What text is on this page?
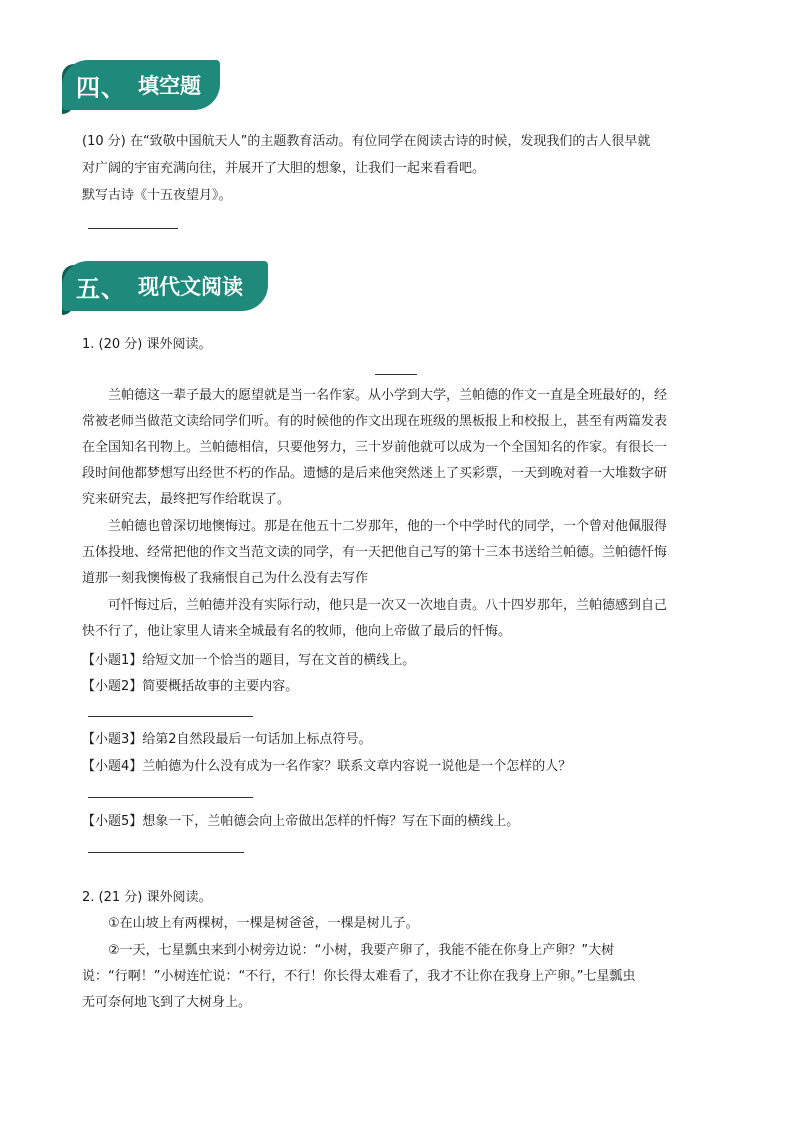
四、 填空题
(10 分) 在“致敬中国航天人”的主题教育活动。有位同学在阅读古诗的时候，发现我们的古人很早就
对广阔的宇宙充满向往，并展开了大胆的想象，让我们一起来看看吧。
默写古诗《十五夜望月》。
五、 现代文阅读
1. (20 分) 课外阅读。
兰帕德这一辈子最大的愿望就是当一名作家。从小学到大学，兰帕德的作文一直是全班最好的，经
常被老师当做范文读给同学们听。有的时候他的作文出现在班级的黑板报上和校报上，甚至有两篇发表
在全国知名刊物上。兰帕德相信，只要他努力，三十岁前他就可以成为一个全国知名的作家。有很长一
段时间他都梦想写出经世不朽的作品。遗憾的是后来他突然迷上了买彩票，一天到晚对着一大堆数字研
究来研究去，最终把写作给耽误了。
兰帕德也曾深切地懊悔过。那是在他五十二岁那年，他的一个中学时代的同学，一个曾对他佩服得
五体投地、经常把他的作文当范文读的同学，有一天把他自己写的第十三本书送给兰帕德。兰帕德忏悔
道那一刻我懊悔极了我痛恨自己为什么没有去写作
可忏悔过后，兰帕德并没有实际行动，他只是一次又一次地自责。八十四岁那年，兰帕德感到自己
快不行了，他让家里人请来全城最有名的牧师，他向上帝做了最后的忏悔。
【小题1】给短文加一个恰当的题目，写在文首的横线上。
【小题2】简要概括故事的主要内容。
【小题3】给第2自然段最后一句话加上标点符号。
【小题4】兰帕德为什么没有成为一名作家？联系文章内容说一说他是一个怎样的人？
【小题5】想象一下，兰帕德会向上帝做出怎样的忏悔？写在下面的横线上。
2. (21 分) 课外阅读。
①在山坡上有两棵树，一棵是树爸爸，一棵是树儿子。
②一天，七星瓢虫来到小树旁边说：“小树，我要产卵了，我能不能在你身上产卵？”大树
说：“行啊！”小树连忙说：“不行，不行！你长得太难看了，我才不让你在我身上产卵。”七星瓢虫
无可奈何地飞到了大树身上。
